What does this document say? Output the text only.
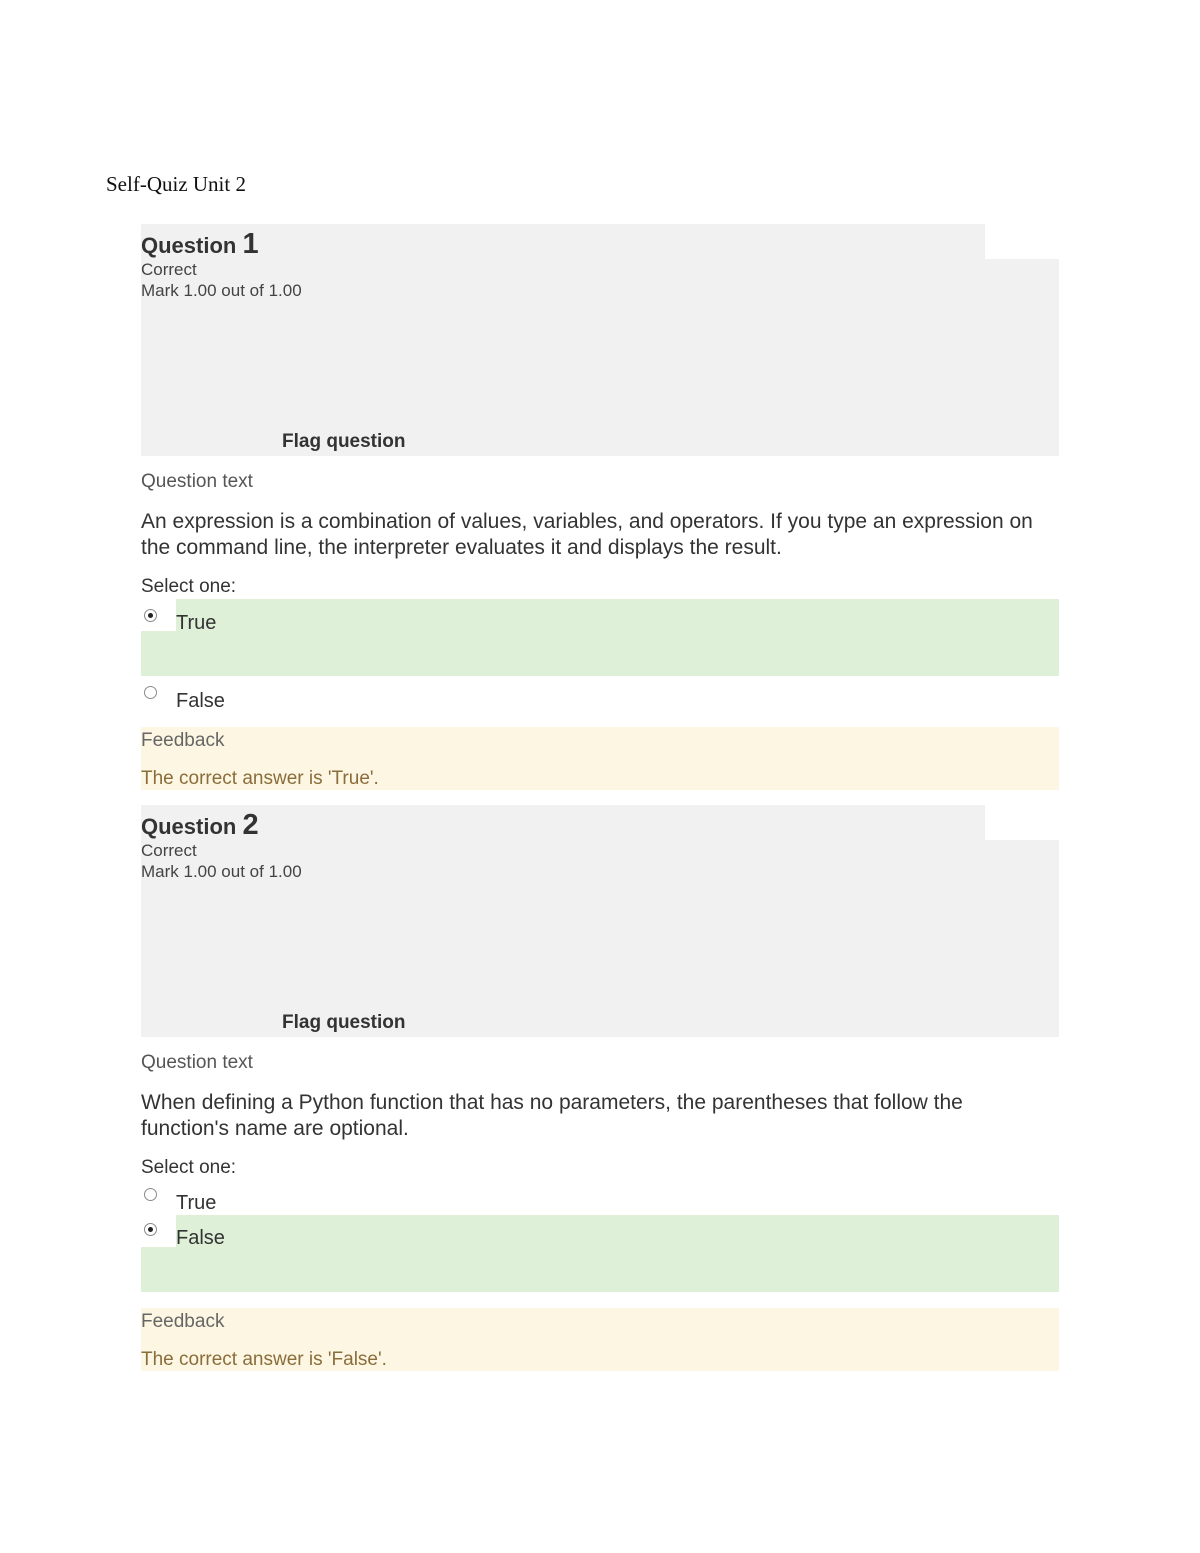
Self-Quiz Unit 2
Question 1
Correct
Mark 1.00 out of 1.00
Flag question
Question text
An expression is a combination of values, variables, and operators. If you type an expression on the command line, the interpreter evaluates it and displays the result.
Select one:
True
False
Feedback
The correct answer is 'True'.
Question 2
Correct
Mark 1.00 out of 1.00
Flag question
Question text
When defining a Python function that has no parameters, the parentheses that follow the function's name are optional.
Select one:
True
False
Feedback
The correct answer is 'False'.
